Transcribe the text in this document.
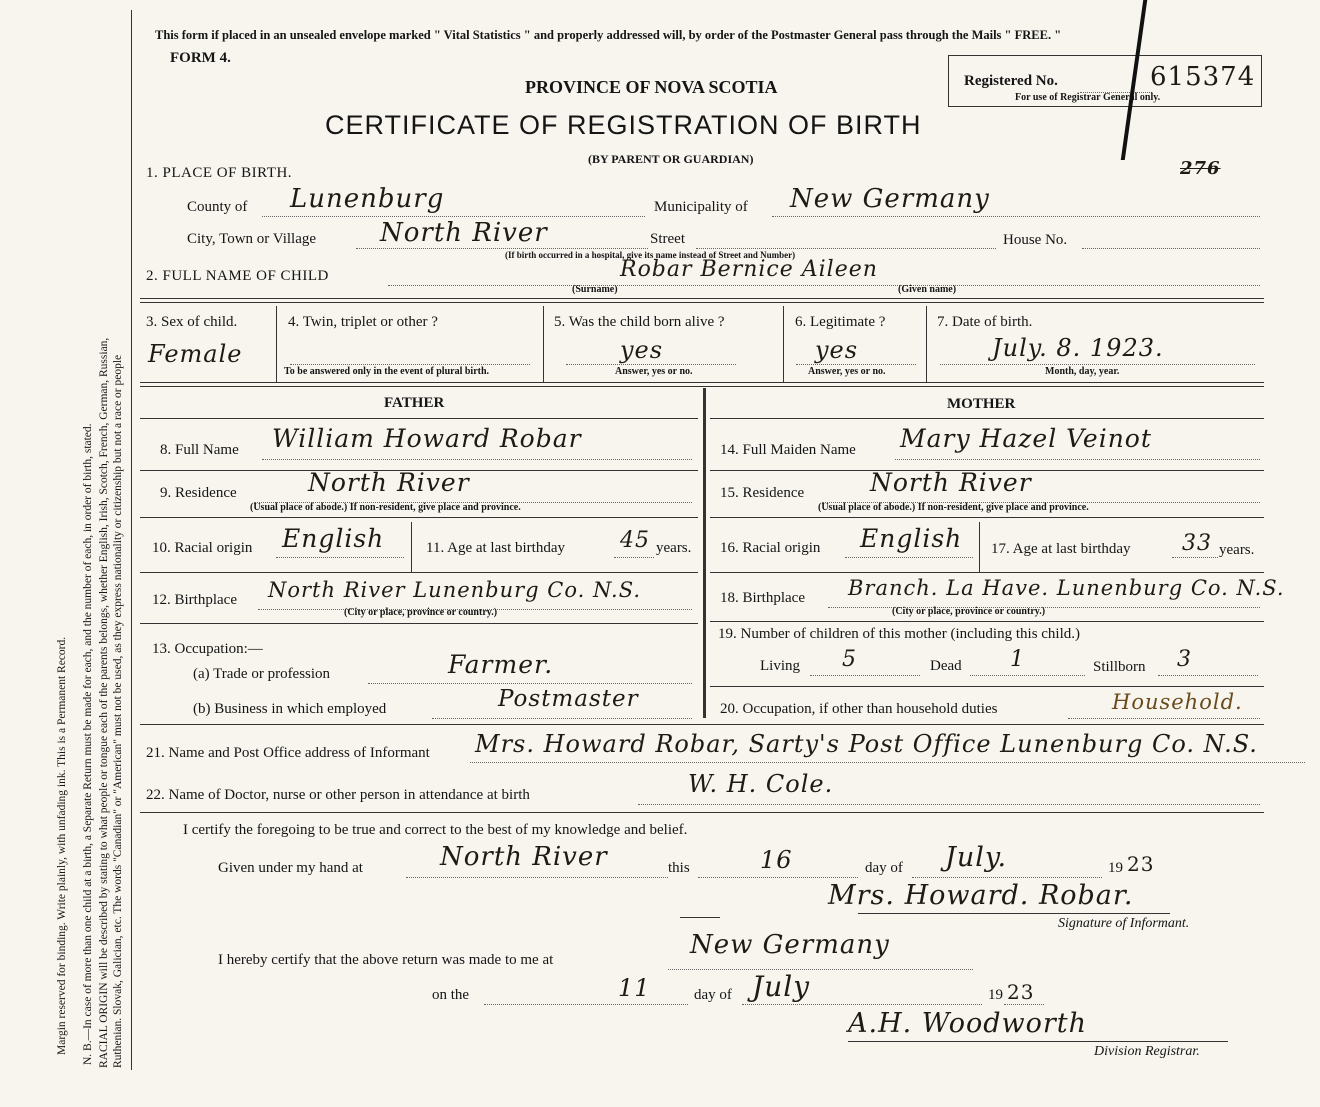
Margin reserved for binding. Write plainly, with unfading ink. This is a Permanent Record. N. B.—In case of more than one child at a birth, a Separate Return must be made for each, and the number of each, in order of birth, stated. RACIAL ORIGIN will be described by stating to what people or tongue each of the parents belongs, whether English, Irish, Scotch, French, German, Russian, Ruthenian. Slovak, Galician, etc. The words "Canadian" or "American" must not be used, as they express nationality or citizenship but not a race or people
This form if placed in an unsealed envelope marked " Vital Statistics " and properly addressed will, by order of the Postmaster General pass through the Mails " FREE. "
FORM 4.
PROVINCE OF NOVA SCOTIA
CERTIFICATE OF REGISTRATION OF BIRTH
(BY PARENT OR GUARDIAN)
Registered No.	615374
For use of Registrar General only.
276
1. PLACE OF BIRTH.
County of Lunenburg	Municipality of New Germany
City, Town or Village North River	Street	House No.
(If birth occurred in a hospital, give its name instead of Street and Number)
2. FULL NAME OF CHILD	Robar Bernice Aileen
(Surname)	(Given name)
3. Sex of child.
Female
4. Twin, triplet or other ?
To be answered only in the event of plural birth.
5. Was the child born alive ?
yes
Answer, yes or no.
6. Legitimate ?
yes
Answer, yes or no.
7. Date of birth.
July. 8. 1923.
Month, day, year.
FATHER	MOTHER
8. Full Name William Howard Robar
9. Residence	North River
(Usual place of abode.) If non-resident, give place and province.
10. Racial origin English	11. Age at last birthday	45 years.
12. Birthplace North River Lunenburg Co. N.S.
(City or place, province or country.)
13. Occupation:—
(a) Trade or profession	Farmer.
(b) Business in which employed	Postmaster
14. Full Maiden Name Mary Hazel Veinot
15. Residence	North River
(Usual place of abode.) If non-resident, give place and province.
16. Racial origin English 17. Age at last birthday 33 years.
18. Birthplace Branch. La Have. Lunenburg Co. N.S.
(City or place, province or country.)
19. Number of children of this mother (including this child.)
Living 5	Dead 1	Stillborn 3
20. Occupation, if other than household duties	Household.
21. Name and Post Office address of Informant Mrs. Howard Robar, Sarty's Post Office Lunenburg Co. N.S.
22. Name of Doctor, nurse or other person in attendance at birth	W. H. Cole.
I certify the foregoing to be true and correct to the best of my knowledge and belief.
Given under my hand at	North River	this	16	day of July.	19 23
Mrs. Howard. Robar.
Signature of Informant.
I hereby certify that the above return was made to me at	New Germany
on the	11	day of July	19 23
A.H. Woodworth
Division Registrar.
